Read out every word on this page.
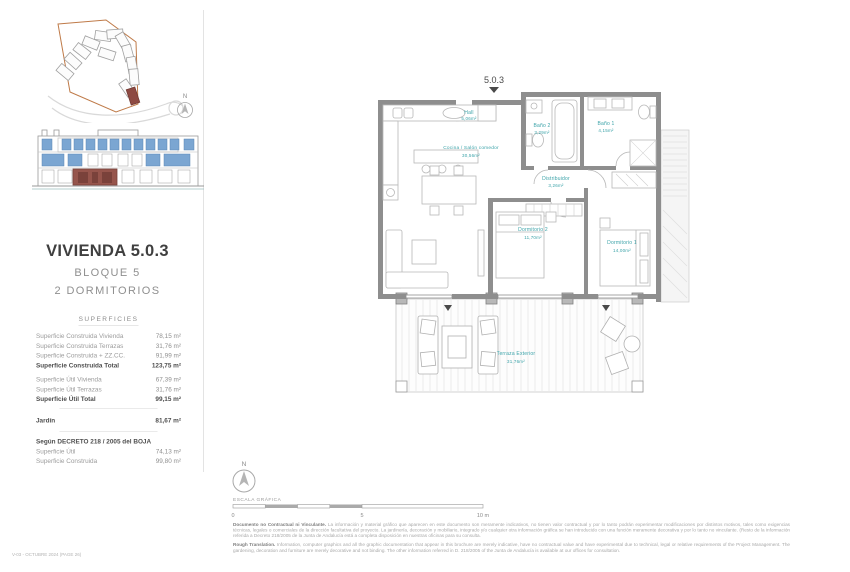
N
VIVIENDA 5.0.3
BLOQUE 5
2 DORMITORIOS
SUPERFICIES
Superficie Construida Vivienda	78,15 m²
Superficie Construida Terrazas	31,76 m²
Superficie Construida + ZZ.CC. 91,99 m²
Superficie Construida Total	123,75 m²
Superficie Útil Vivienda	67,39 m²
Superficie Útil Terrazas	31,76 m²
Superficie Útil Total	99,15 m²
Jardín	81,67 m²
Según DECRETO 218 / 2005 del BOJA
Superficie Útil	74,13 m²
Superficie Construida	99,80 m²
5.0.3
Hall
5,06m²
Cocina / Salón comedor
30,56m²
Baño 2
3,29m²
Baño 1
4,15m²
Distribuidor
3,26m²
Dormitorio 2
11,70m²
Dormitorio 1
14,00m²
Terraza Exterior
31,76m²
N
ESCALA GRÁFICA
0	5	10 m

Documento no Contractual ni Vinculante. La información y material gráfico que aparecen en este documento son meramente indicativos, no tienen valor contractual y por lo tanto podrán experimentar modificaciones por distintos motivos, tales como exigencias técnicas, legales o comerciales de la dirección facultativa del proyecto. La jardinería, decoración y mobiliario, integrado y/o cualquier otra información gráfica se han introducido con una función meramente decorativa y por lo tanto no vinculante. (Resto de la información referida a Decreto 218/2005 de la Junta de Andalucía está a completa disposición en nuestras oficinas para su consulta.

Rough Translation. Information, computer graphics and all the graphic documentation that appear in this brochure are merely indicative, have no contractual value and have experimental due to technical, legal or relative requirements of the Project Management. The gardening, decoration and furniture are merely decorative and not binding. The other information referred in D. 218/2005 of the Junta de Andalucía is available at our offices for consultation.

V-03 - OCTUBRE 2024 (PAGE 26)
